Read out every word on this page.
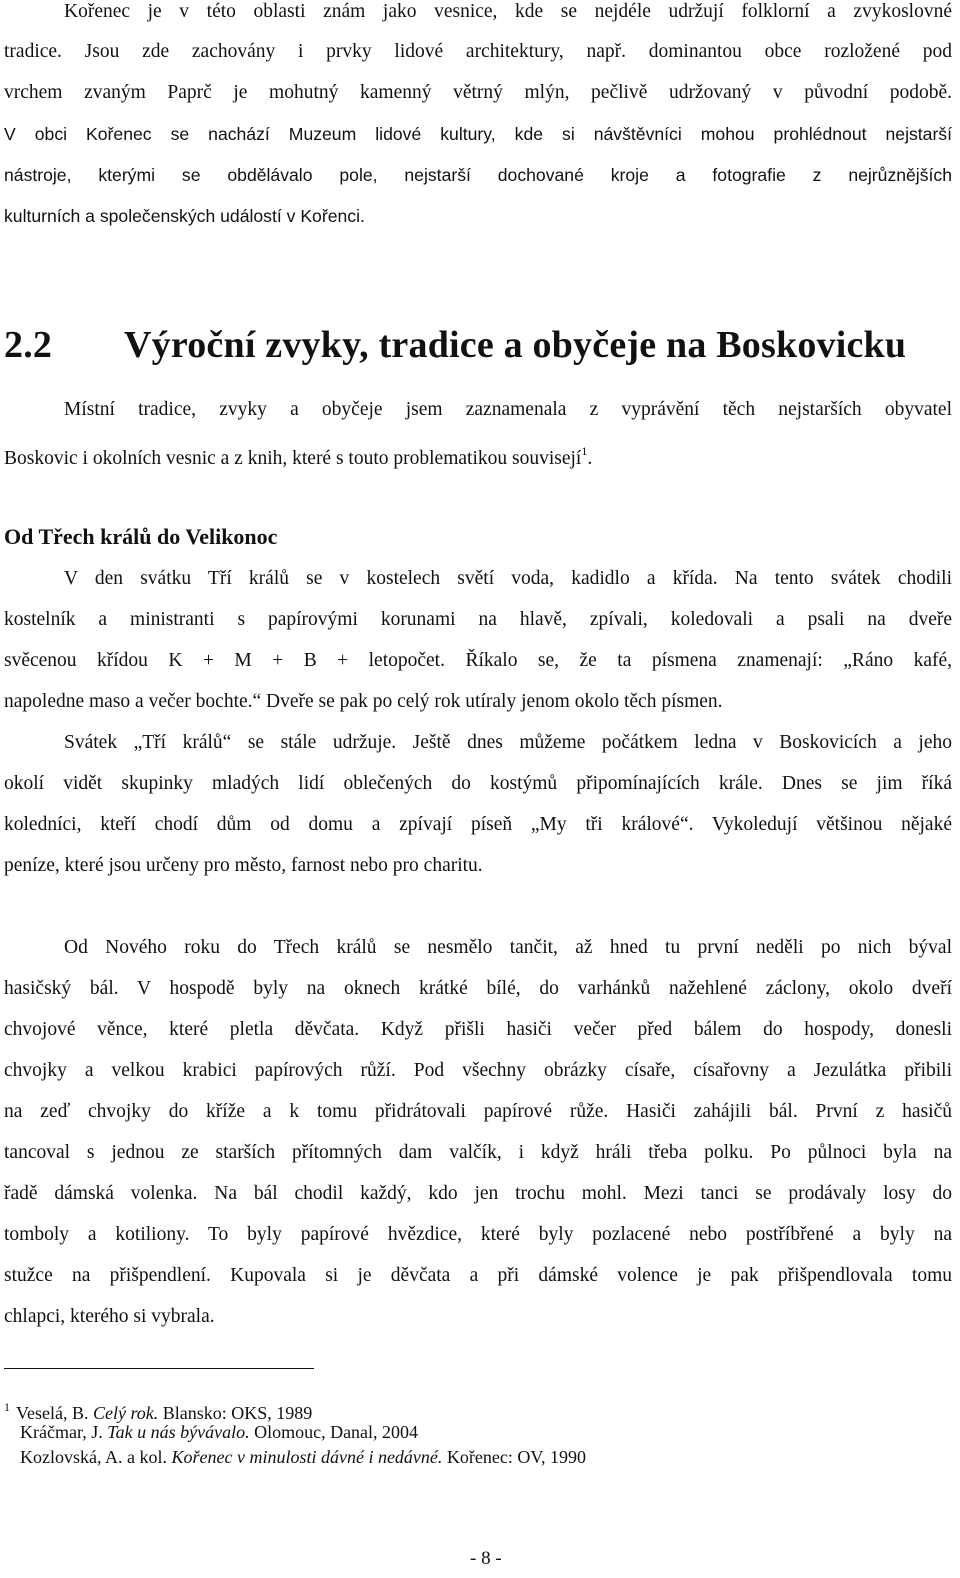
Kořenec je v této oblasti znám jako vesnice, kde se nejdéle udržují folklorní a zvykoslovné
tradice. Jsou zde zachovány i prvky lidové architektury, např. dominantou obce rozložené pod
vrchem zvaným Paprč je mohutný kamenný větrný mlýn, pečlivě udržovaný v původní podobě.
V obci Kořenec se nachází Muzeum lidové kultury, kde si návštěvníci mohou prohlédnout nejstarší
nástroje, kterými se obdělávalo pole, nejstarší dochované kroje a fotografie z nejrůznějších
kulturních a společenských událostí v Kořenci.
2.2 Výroční zvyky, tradice a obyčeje na Boskovicku
Místní tradice, zvyky a obyčeje jsem zaznamenala z vyprávění těch nejstarších obyvatel
Boskovic i okolních vesnic a z knih, které s touto problematikou souvisejí$^1$.
Od Třech králů do Velikonoc
V den svátku Tří králů se v kostelech světí voda, kadidlo a křída. Na tento svátek chodili
kostelník a ministranti s papírovými korunami na hlavě, zpívali, koledovali a psali na dveře
svěcenou křídou K + M + B + letopočet. Říkalo se, že ta písmena znamenají: „Ráno kafé,
napoledne maso a večer bochte.“ Dveře se pak po celý rok utíraly jenom okolo těch písmen.
Svátek „Tří králů“ se stále udržuje. Ještě dnes můžeme počátkem ledna v Boskovicích a jeho
okolí vidět skupinky mladých lidí oblečených do kostýmů připomínajících krále. Dnes se jim říká
koledníci, kteří chodí dům od domu a zpívají píseň „My tři králové“. Vykoledují většinou nějaké
peníze, které jsou určeny pro město, farnost nebo pro charitu.
Od Nového roku do Třech králů se nesmělo tančit, až hned tu první neděli po nich býval
hasičský bál. V hospodě byly na oknech krátké bílé, do varhánků nažehlené záclony, okolo dveří
chvojové věnce, které pletla děvčata. Když přišli hasiči večer před bálem do hospody, donesli
chvojky a velkou krabici papírových růží. Pod všechny obrázky císaře, císařovny a Jezulátka přibili
na zeď chvojky do kříže a k tomu přidrátovali papírové růže. Hasiči zahájili bál. První z hasičů
tancoval s jednou ze starších přítomných dam valčík, i když hráli třeba polku. Po půlnoci byla na
řadě dámská volenka. Na bál chodil každý, kdo jen trochu mohl. Mezi tanci se prodávaly losy do
tomboly a kotiliony. To byly papírové hvězdice, které byly pozlacené nebo postříbřené a byly na
stužce na přišpendlení. Kupovala si je děvčata a při dámské volence je pak přišpendlovala tomu
chlapci, kterého si vybrala.
$^1$ Veselá, B. Celý rok. Blansko: OKS, 1989
Kráčmar, J. Tak u nás bývávalo. Olomouc, Danal, 2004
Kozlovská, A. a kol. Kořenec v minulosti dávné i nedávné. Kořenec: OV, 1990
- 8 -
